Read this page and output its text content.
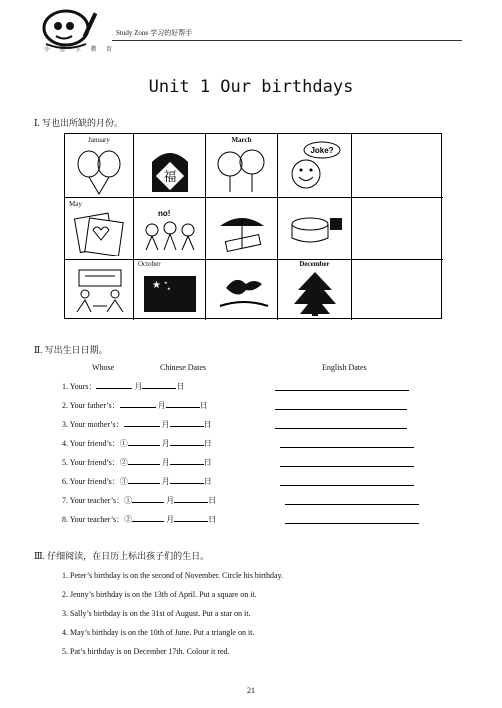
小 書 生 教 育
Study Zone 学习的好帮手
Unit 1 Our birthdays
Ⅰ. 写也出所缺的月份。
January
福
March
Joke?
May
no!
October
★ ★
★
December
Ⅱ. 写出生日日期。
Whose	Chinese Dates	English Dates
1. Yours：	月	日
2. Your father’s：	月	日
3. Your mother’s：	月	日
4. Your friend’s：①	月	日
5. Your friend’s：②	月	日
6. Your friend’s：③	月	日
7. Your teacher’s：①	月	日
8. Your teacher’s：②	月	日
Ⅲ. 仔细阅读，在日历上标出孩子们的生日。
1. Peter’s birthday is on the second of November. Circle his birthday.
2. Jenny’s birthday is on the 13th of April. Put a square on it.
3. Sally’s birthday is on the 31st of August. Put a star on it.
4. May’s birthday is on the 10th of June. Put a triangle on it.
5. Pat’s birthday is on December 17th. Colour it red.
21
